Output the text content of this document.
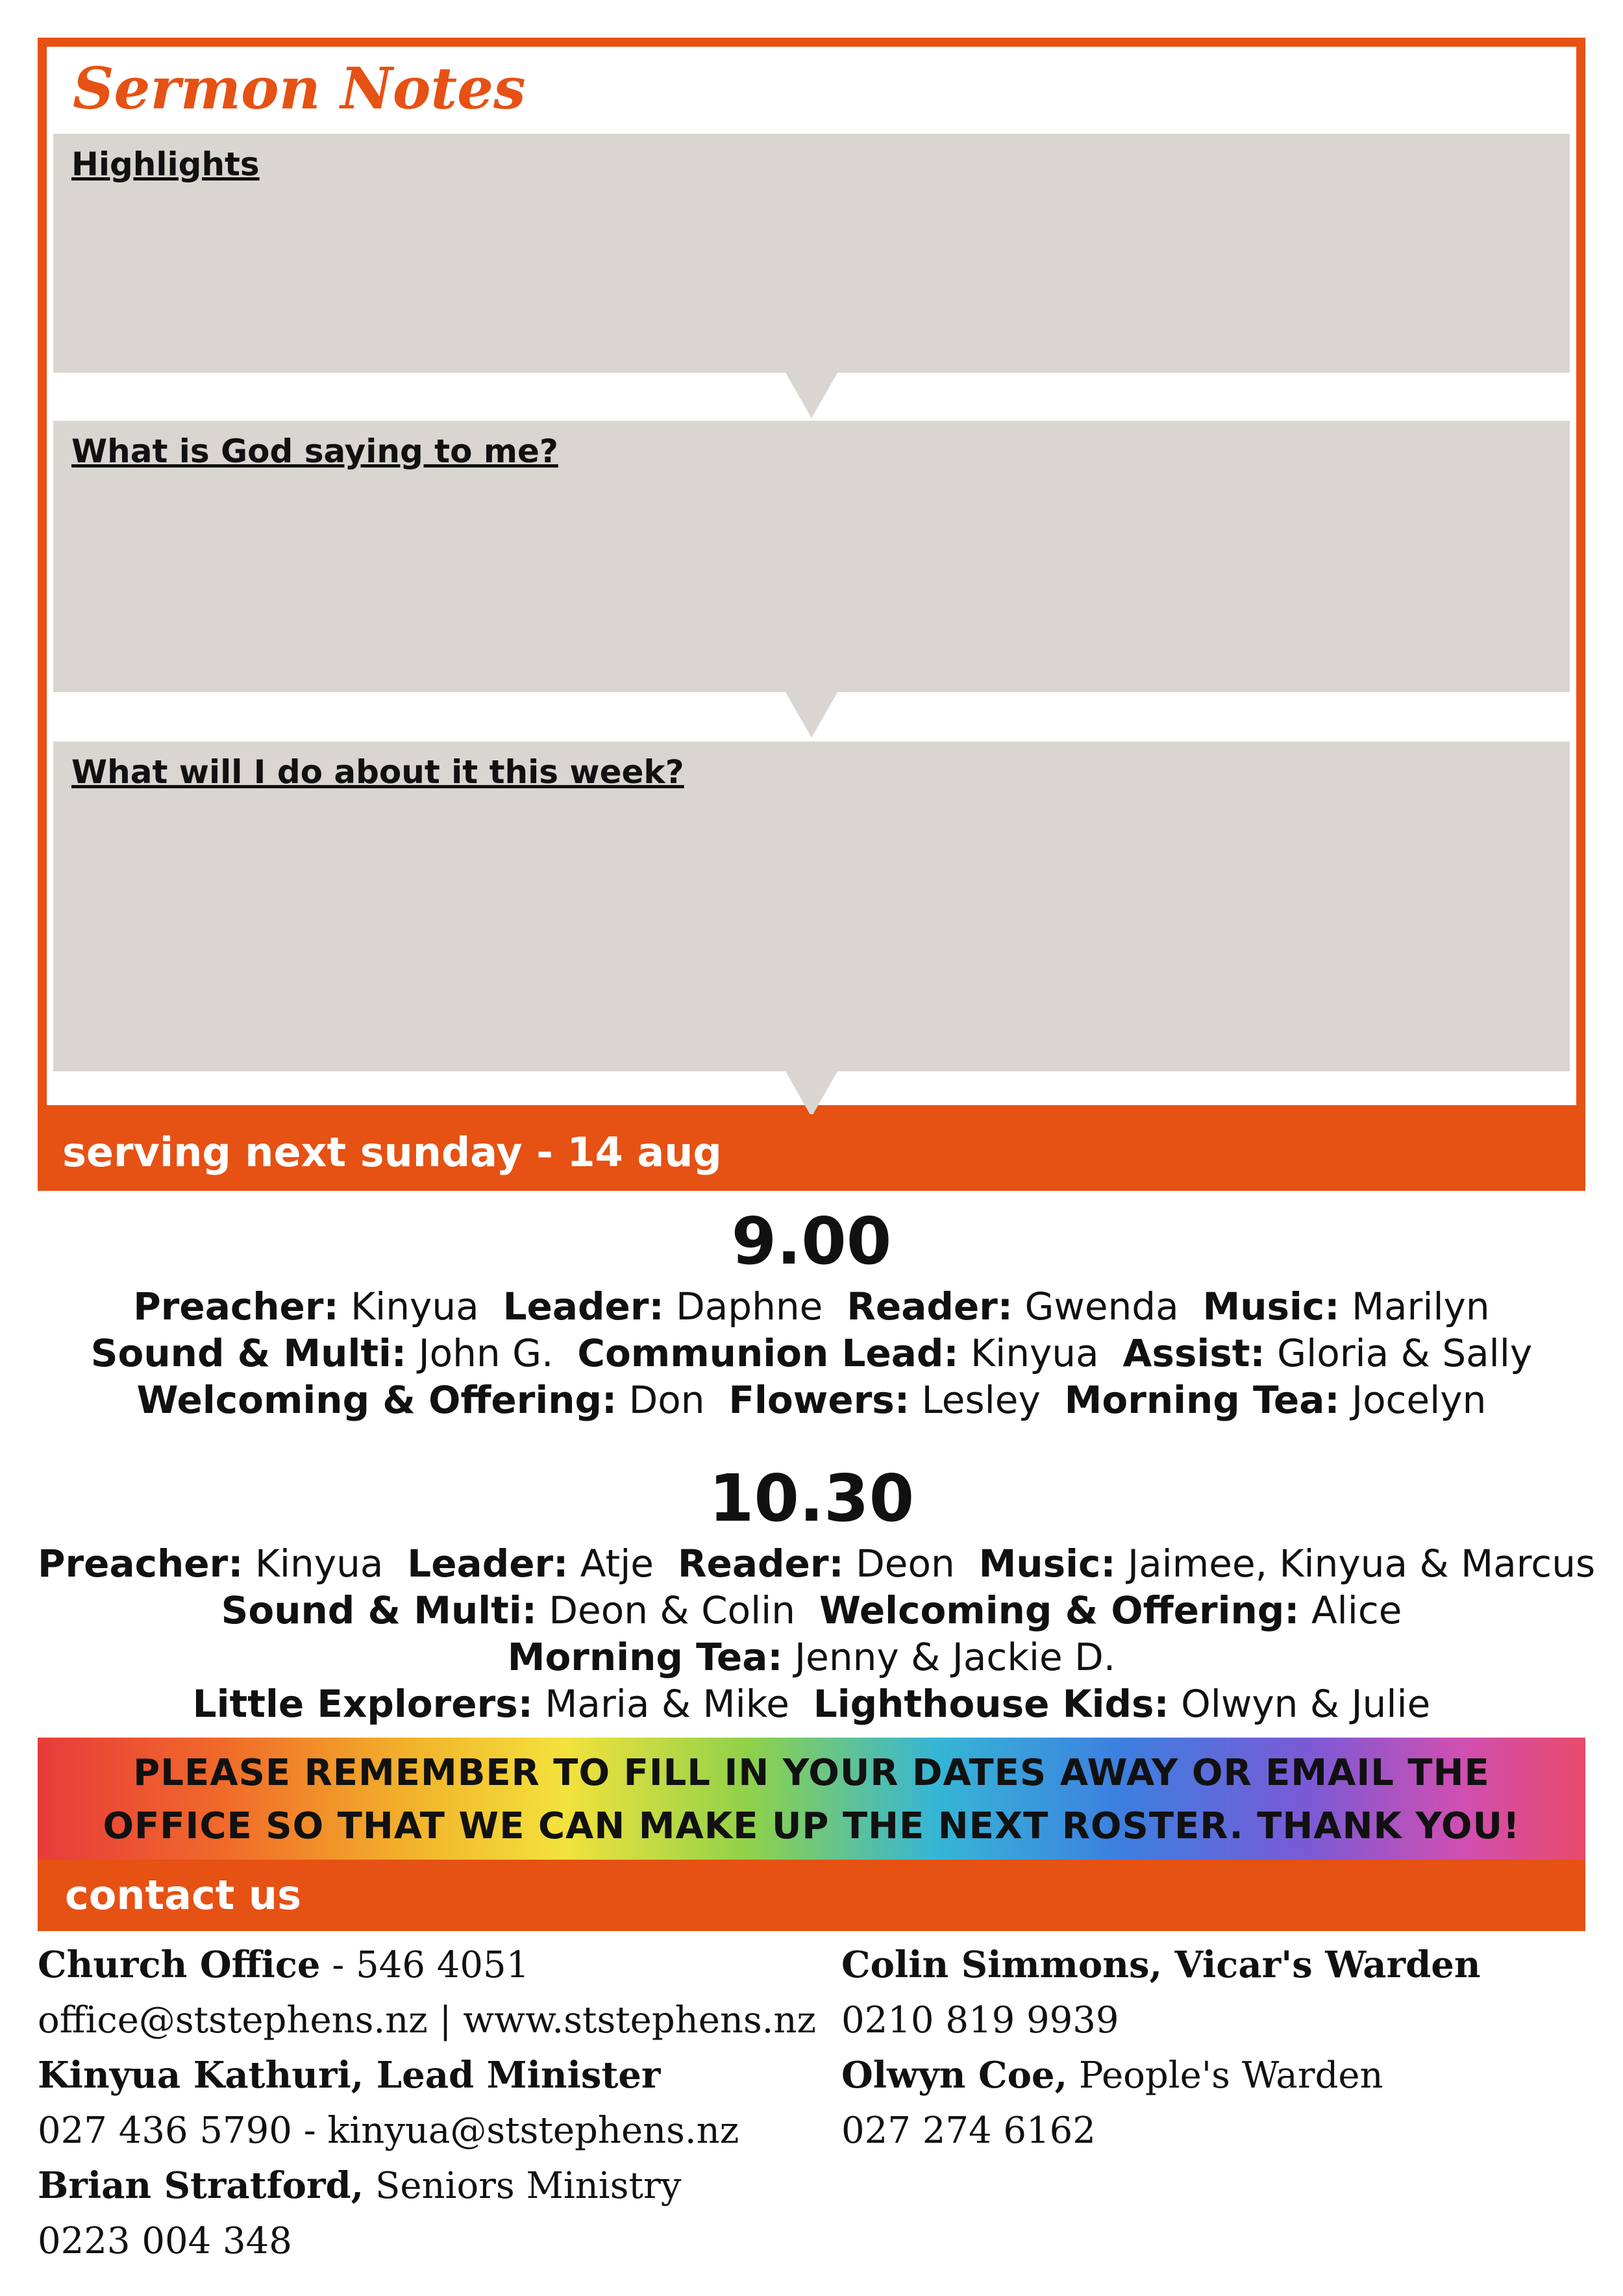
Sermon Notes
Highlights
What is God saying to me?
What will I do about it this week?
serving next sunday - 14 aug
9.00
Preacher: Kinyua Leader: Daphne Reader: Gwenda Music: Marilyn
Sound & Multi: John G. Communion Lead: Kinyua Assist: Gloria & Sally
Welcoming & Offering: Don Flowers: Lesley Morning Tea: Jocelyn
10.30
Preacher: Kinyua Leader: Atje Reader: Deon Music: Jaimee, Kinyua & Marcus
Sound & Multi: Deon & Colin Welcoming & Offering: Alice
Morning Tea: Jenny & Jackie D.
Little Explorers: Maria & Mike Lighthouse Kids: Olwyn & Julie
PLEASE REMEMBER TO FILL IN YOUR DATES AWAY OR EMAIL THE
OFFICE SO THAT WE CAN MAKE UP THE NEXT ROSTER. THANK YOU!
contact us
Church Office - 546 4051
office@ststephens.nz | www.ststephens.nz
Kinyua Kathuri, Lead Minister
027 436 5790 - kinyua@ststephens.nz
Brian Stratford, Seniors Ministry
0223 004 348
Colin Simmons, Vicar's Warden
0210 819 9939
Olwyn Coe, People's Warden
027 274 6162
